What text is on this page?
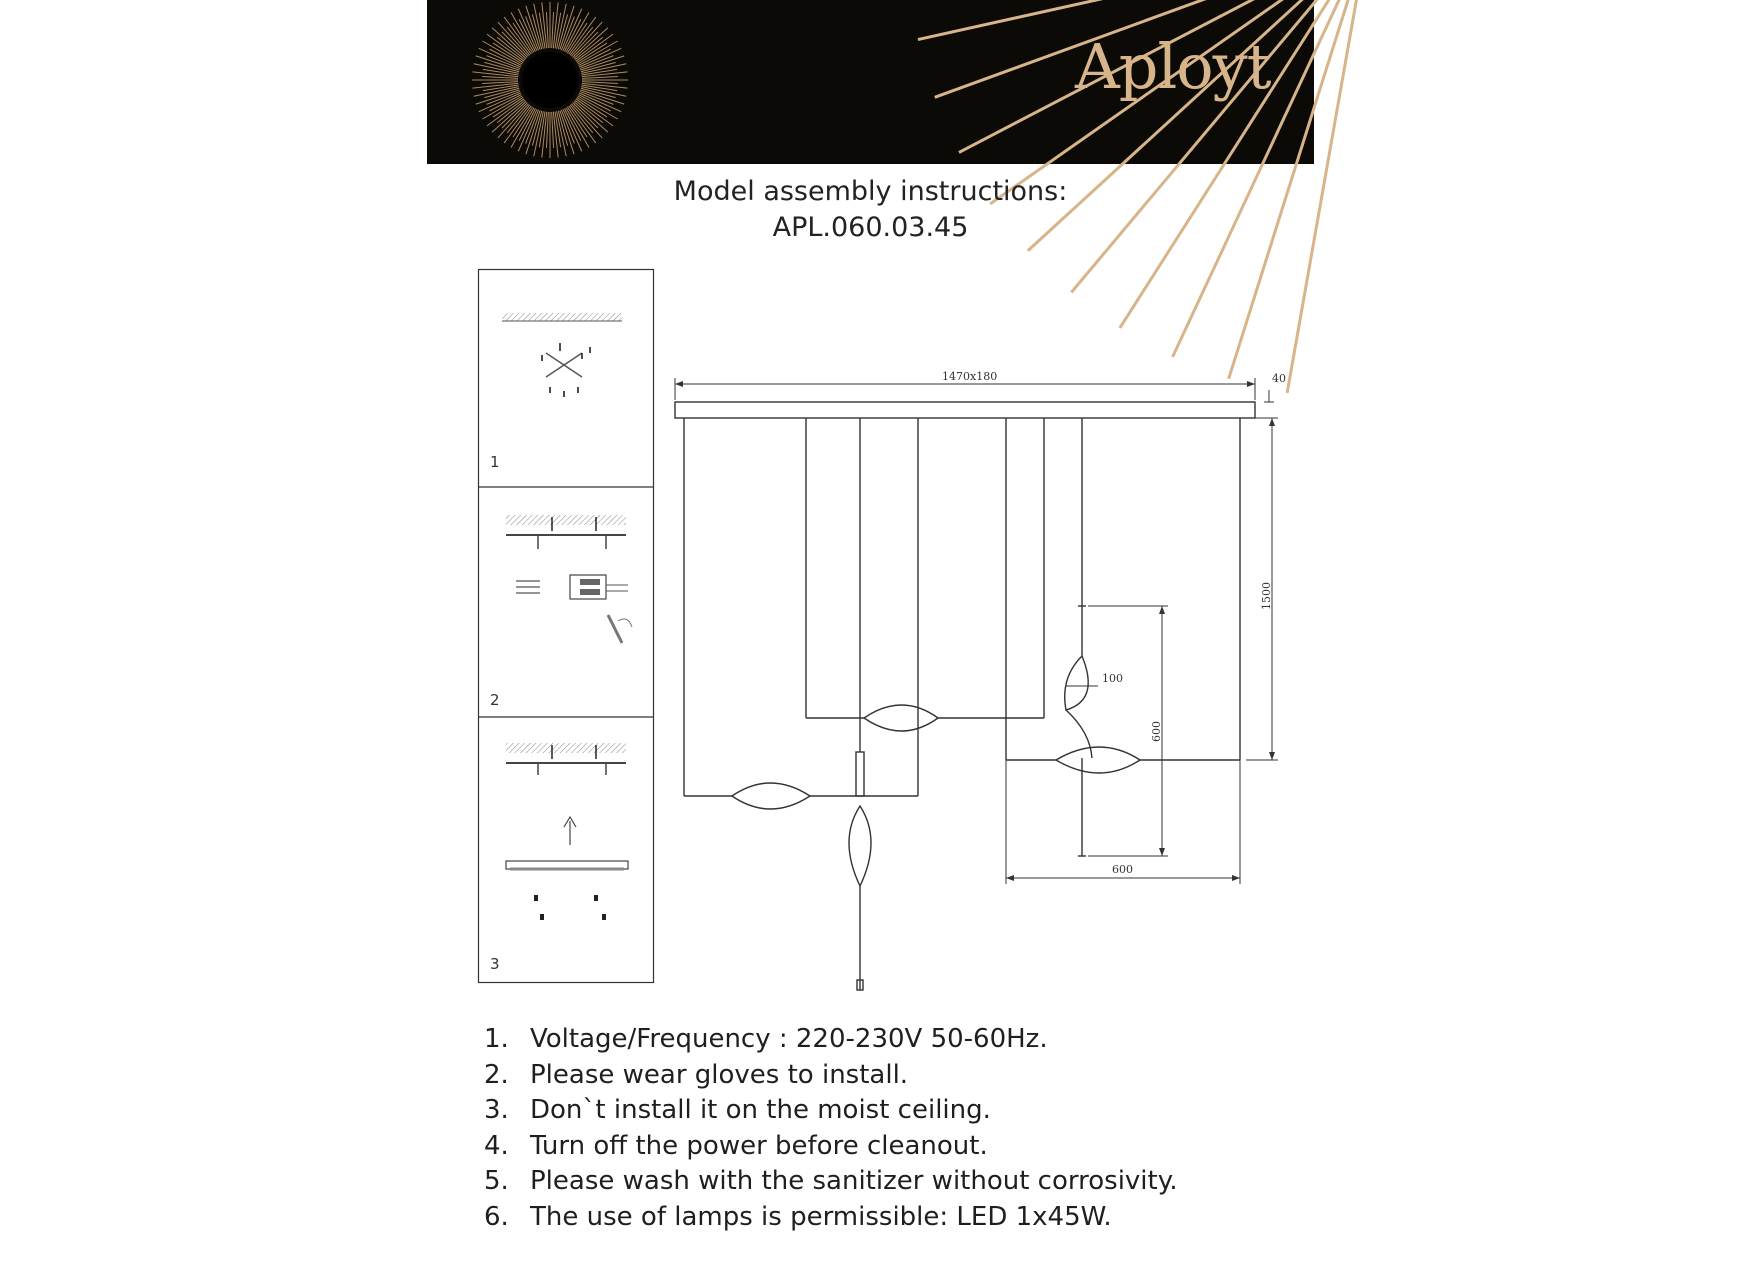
Aployt
Model assembly instructions:
APL.060.03.45
1
2
3
1470x180	40
1500
100
600
600
1. Voltage/Frequency : 220-230V 50-60Hz.
2. Please wear gloves to install.
3. Don`t install it on the moist ceiling.
4. Turn off the power before cleanout.
5. Please wash with the sanitizer without corrosivity.
6. The use of lamps is permissible: LED 1x45W.
